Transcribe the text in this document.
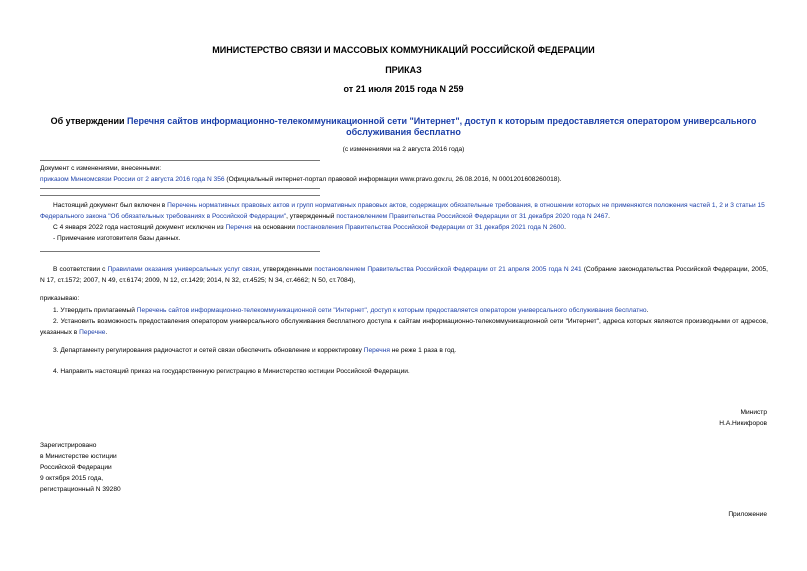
МИНИСТЕРСТВО СВЯЗИ И МАССОВЫХ КОММУНИКАЦИЙ РОССИЙСКОЙ ФЕДЕРАЦИИ
ПРИКАЗ
от 21 июля 2015 года N 259
Об утверждении Перечня сайтов информационно-телекоммуникационной сети "Интернет", доступ к которым предоставляется оператором универсального обслуживания бесплатно
(с изменениями на 2 августа 2016 года)
Документ с изменениями, внесенными:
приказом Минкомсвязи России от 2 августа 2016 года N 356 (Официальный интернет-портал правовой информации www.pravo.gov.ru, 26.08.2016, N 0001201608260018).
Настоящий документ был включен в Перечень нормативных правовых актов и групп нормативных правовых актов, содержащих обязательные требования, в отношении которых не применяются положения частей 1, 2 и 3 статьи 15 Федерального закона "Об обязательных требованиях в Российской Федерации", утвержденный постановлением Правительства Российской Федерации от 31 декабря 2020 года N 2467.
С 4 января 2022 года настоящий документ исключен из Перечня на основании постановления Правительства Российской Федерации от 31 декабря 2021 года N 2600.
- Примечание изготовителя базы данных.
В соответствии с Правилами оказания универсальных услуг связи, утвержденными постановлением Правительства Российской Федерации от 21 апреля 2005 года N 241 (Собрание законодательства Российской Федерации, 2005, N 17, ст.1572; 2007, N 49, ст.6174; 2009, N 12, ст.1429; 2014, N 32, ст.4525; N 34, ст.4662; N 50, ст.7084),
приказываю:
1. Утвердить прилагаемый Перечень сайтов информационно-телекоммуникационной сети "Интернет", доступ к которым предоставляется оператором универсального обслуживания бесплатно.
2. Установить возможность предоставления оператором универсального обслуживания бесплатного доступа к сайтам информационно-телекоммуникационной сети "Интернет", адреса которых являются производными от адресов, указанных в Перечне.
3. Департаменту регулирования радиочастот и сетей связи обеспечить обновление и корректировку Перечня не реже 1 раза в год.
4. Направить настоящий приказ на государственную регистрацию в Министерство юстиции Российской Федерации.
Министр
Н.А.Никифоров
Зарегистрировано
в Министерстве юстиции
Российской Федерации
9 октября 2015 года,
регистрационный N 39280
Приложение
